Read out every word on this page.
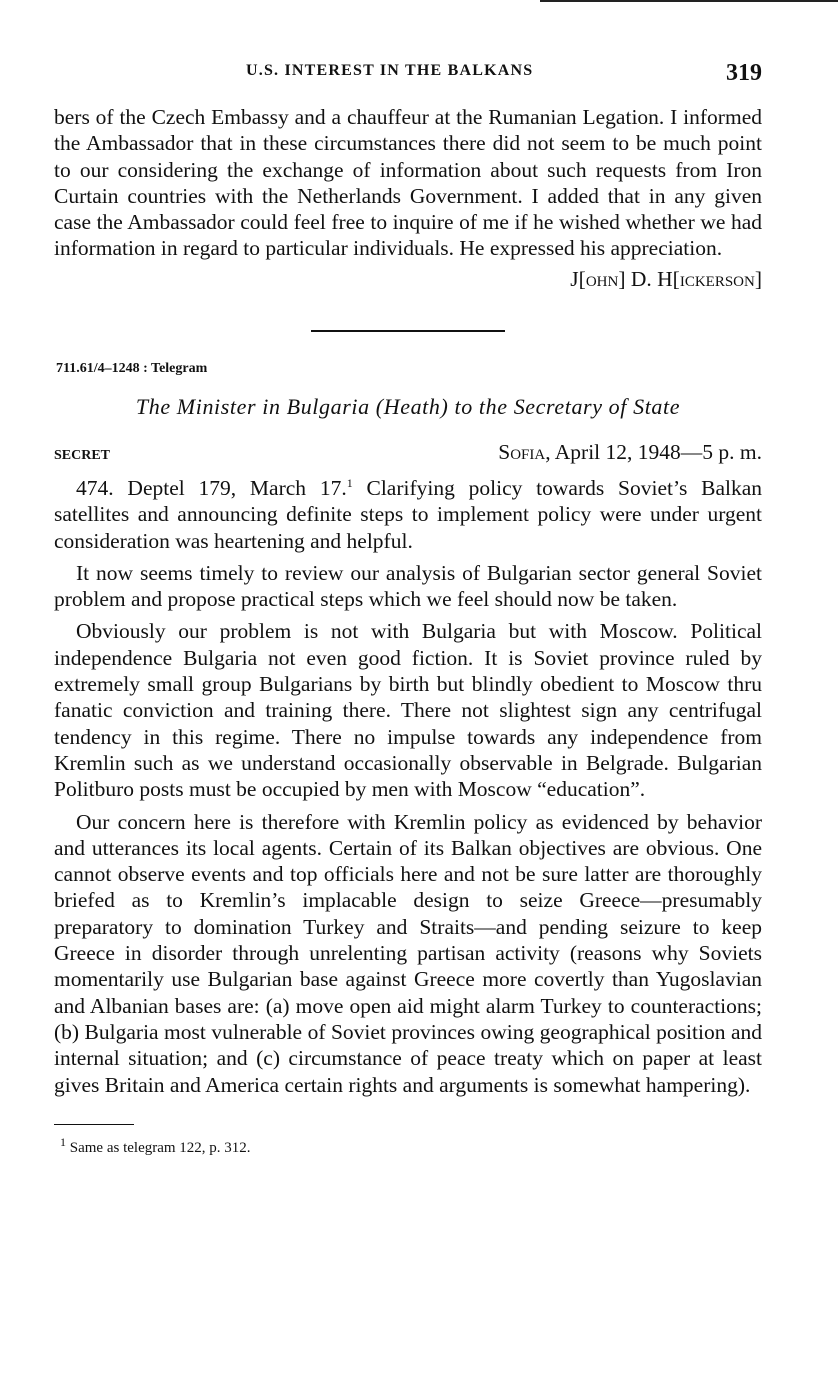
U.S. INTEREST IN THE BALKANS	319

bers of the Czech Embassy and a chauffeur at the Rumanian Legation. I informed the Ambassador that in these circumstances there did not seem to be much point to our considering the exchange of information about such requests from Iron Curtain countries with the Netherlands Government. I added that in any given case the Ambassador could feel free to inquire of me if he wished whether we had information in regard to particular individuals. He expressed his appreciation.

J[ohn] D. H[ickerson]
711.61/4–1248 : Telegram
The Minister in Bulgaria (Heath) to the Secretary of State
SECRET	Sofia, April 12, 1948—5 p. m.

474. Deptel 179, March 17.$^1$ Clarifying policy towards Soviet’s Balkan satellites and announcing definite steps to implement policy were under urgent consideration was heartening and helpful.

It now seems timely to review our analysis of Bulgarian sector general Soviet problem and propose practical steps which we feel should now be taken.

Obviously our problem is not with Bulgaria but with Moscow. Political independence Bulgaria not even good fiction. It is Soviet province ruled by extremely small group Bulgarians by birth but blindly obedient to Moscow thru fanatic conviction and training there. There not slightest sign any centrifugal tendency in this regime. There no impulse towards any independence from Kremlin such as we understand occasionally observable in Belgrade. Bulgarian Politburo posts must be occupied by men with Moscow “education”.

Our concern here is therefore with Kremlin policy as evidenced by behavior and utterances its local agents. Certain of its Balkan objectives are obvious. One cannot observe events and top officials here and not be sure latter are thoroughly briefed as to Kremlin’s implacable design to seize Greece—presumably preparatory to domination Turkey and Straits—and pending seizure to keep Greece in disorder through unrelenting partisan activity (reasons why Soviets momentarily use Bulgarian base against Greece more covertly than Yugoslavian and Albanian bases are: (a) move open aid might alarm Turkey to counteractions; (b) Bulgaria most vulnerable of Soviet provinces owing geographical position and internal situation; and (c) circumstance of peace treaty which on paper at least gives Britain and America certain rights and arguments is somewhat hampering).

$^1$ Same as telegram 122, p. 312.
